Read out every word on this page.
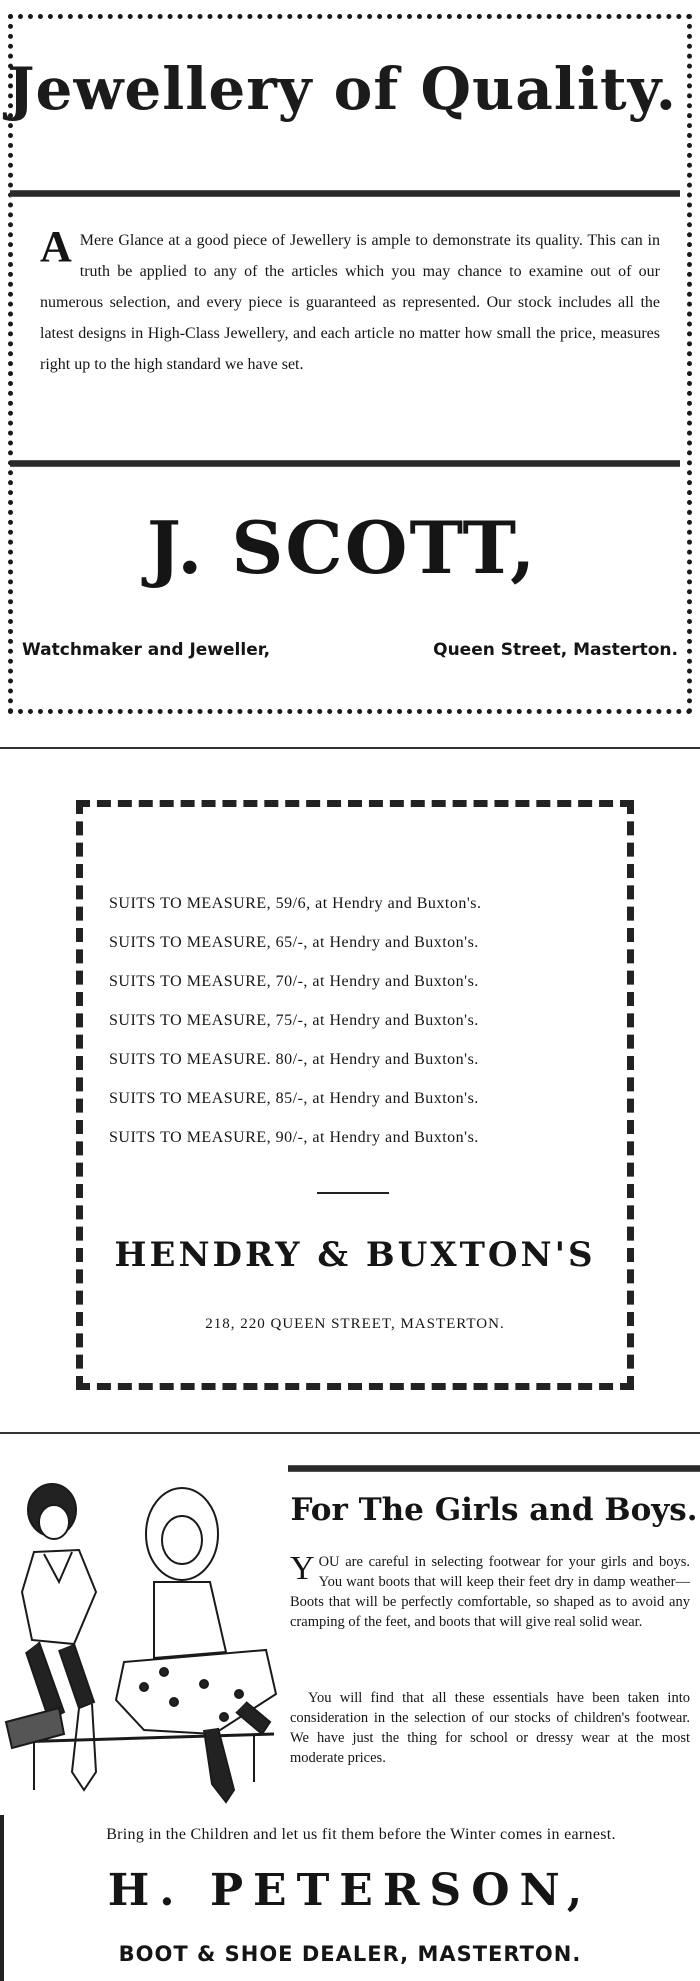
Jewellery of Quality.
A Mere Glance at a good piece of Jewellery is ample to demonstrate its quality. This can in truth be applied to any of the articles which you may chance to examine out of our numerous selection, and every piece is guaranteed as represented. Our stock includes all the latest designs in High-Class Jewellery, and each article no matter how small the price, measures right up to the high standard we have set.
J. SCOTT,
Watchmaker and Jeweller,	Queen Street, Masterton.
SUITS TO MEASURE, 59/6, at Hendry and Buxton's.
SUITS TO MEASURE, 65/-, at Hendry and Buxton's.
SUITS TO MEASURE, 70/-, at Hendry and Buxton's.
SUITS TO MEASURE, 75/-, at Hendry and Buxton's.
SUITS TO MEASURE. 80/-, at Hendry and Buxton's.
SUITS TO MEASURE, 85/-, at Hendry and Buxton's.
SUITS TO MEASURE, 90/-, at Hendry and Buxton's.
HENDRY & BUXTON'S
218, 220 QUEEN STREET, MASTERTON.
For The Girls and Boys.
Y OU are careful in selecting footwear for your girls and boys. You want boots that will keep their feet dry in damp weather—Boots that will be perfectly comfortable, so shaped as to avoid any cramping of the feet, and boots that will give real solid wear.
You will find that all these essentials have been taken into consideration in the selection of our stocks of children's footwear. We have just the thing for school or dressy wear at the most moderate prices.
Bring in the Children and let us fit them before the Winter comes in earnest.
H. PETERSON,
BOOT & SHOE DEALER, MASTERTON.
